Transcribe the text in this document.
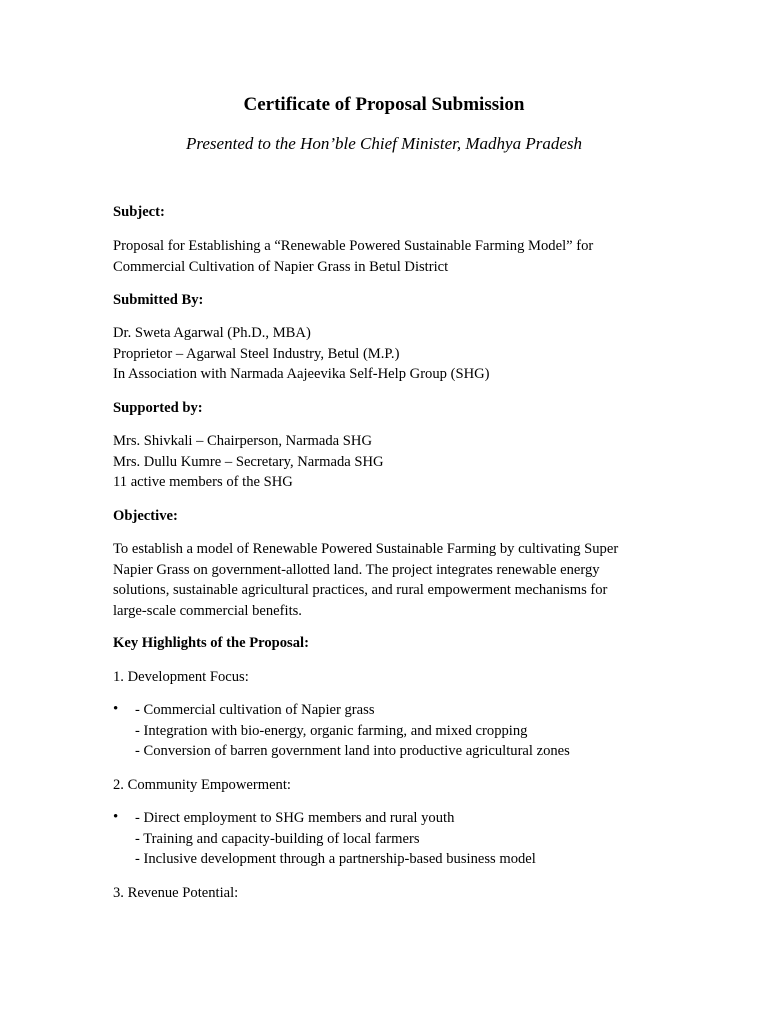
Certificate of Proposal Submission
Presented to the Hon’ble Chief Minister, Madhya Pradesh
Subject:
Proposal for Establishing a “Renewable Powered Sustainable Farming Model” for
Commercial Cultivation of Napier Grass in Betul District
Submitted By:
Dr. Sweta Agarwal (Ph.D., MBA)
Proprietor – Agarwal Steel Industry, Betul (M.P.)
In Association with Narmada Aajeevika Self-Help Group (SHG)
Supported by:
Mrs. Shivkali – Chairperson, Narmada SHG
Mrs. Dullu Kumre – Secretary, Narmada SHG
11 active members of the SHG
Objective:
To establish a model of Renewable Powered Sustainable Farming by cultivating Super
Napier Grass on government-allotted land. The project integrates renewable energy
solutions, sustainable agricultural practices, and rural empowerment mechanisms for
large-scale commercial benefits.
Key Highlights of the Proposal:
1. Development Focus:
• - Commercial cultivation of Napier grass
- Integration with bio-energy, organic farming, and mixed cropping
- Conversion of barren government land into productive agricultural zones
2. Community Empowerment:
• - Direct employment to SHG members and rural youth
- Training and capacity-building of local farmers
- Inclusive development through a partnership-based business model
3. Revenue Potential:
